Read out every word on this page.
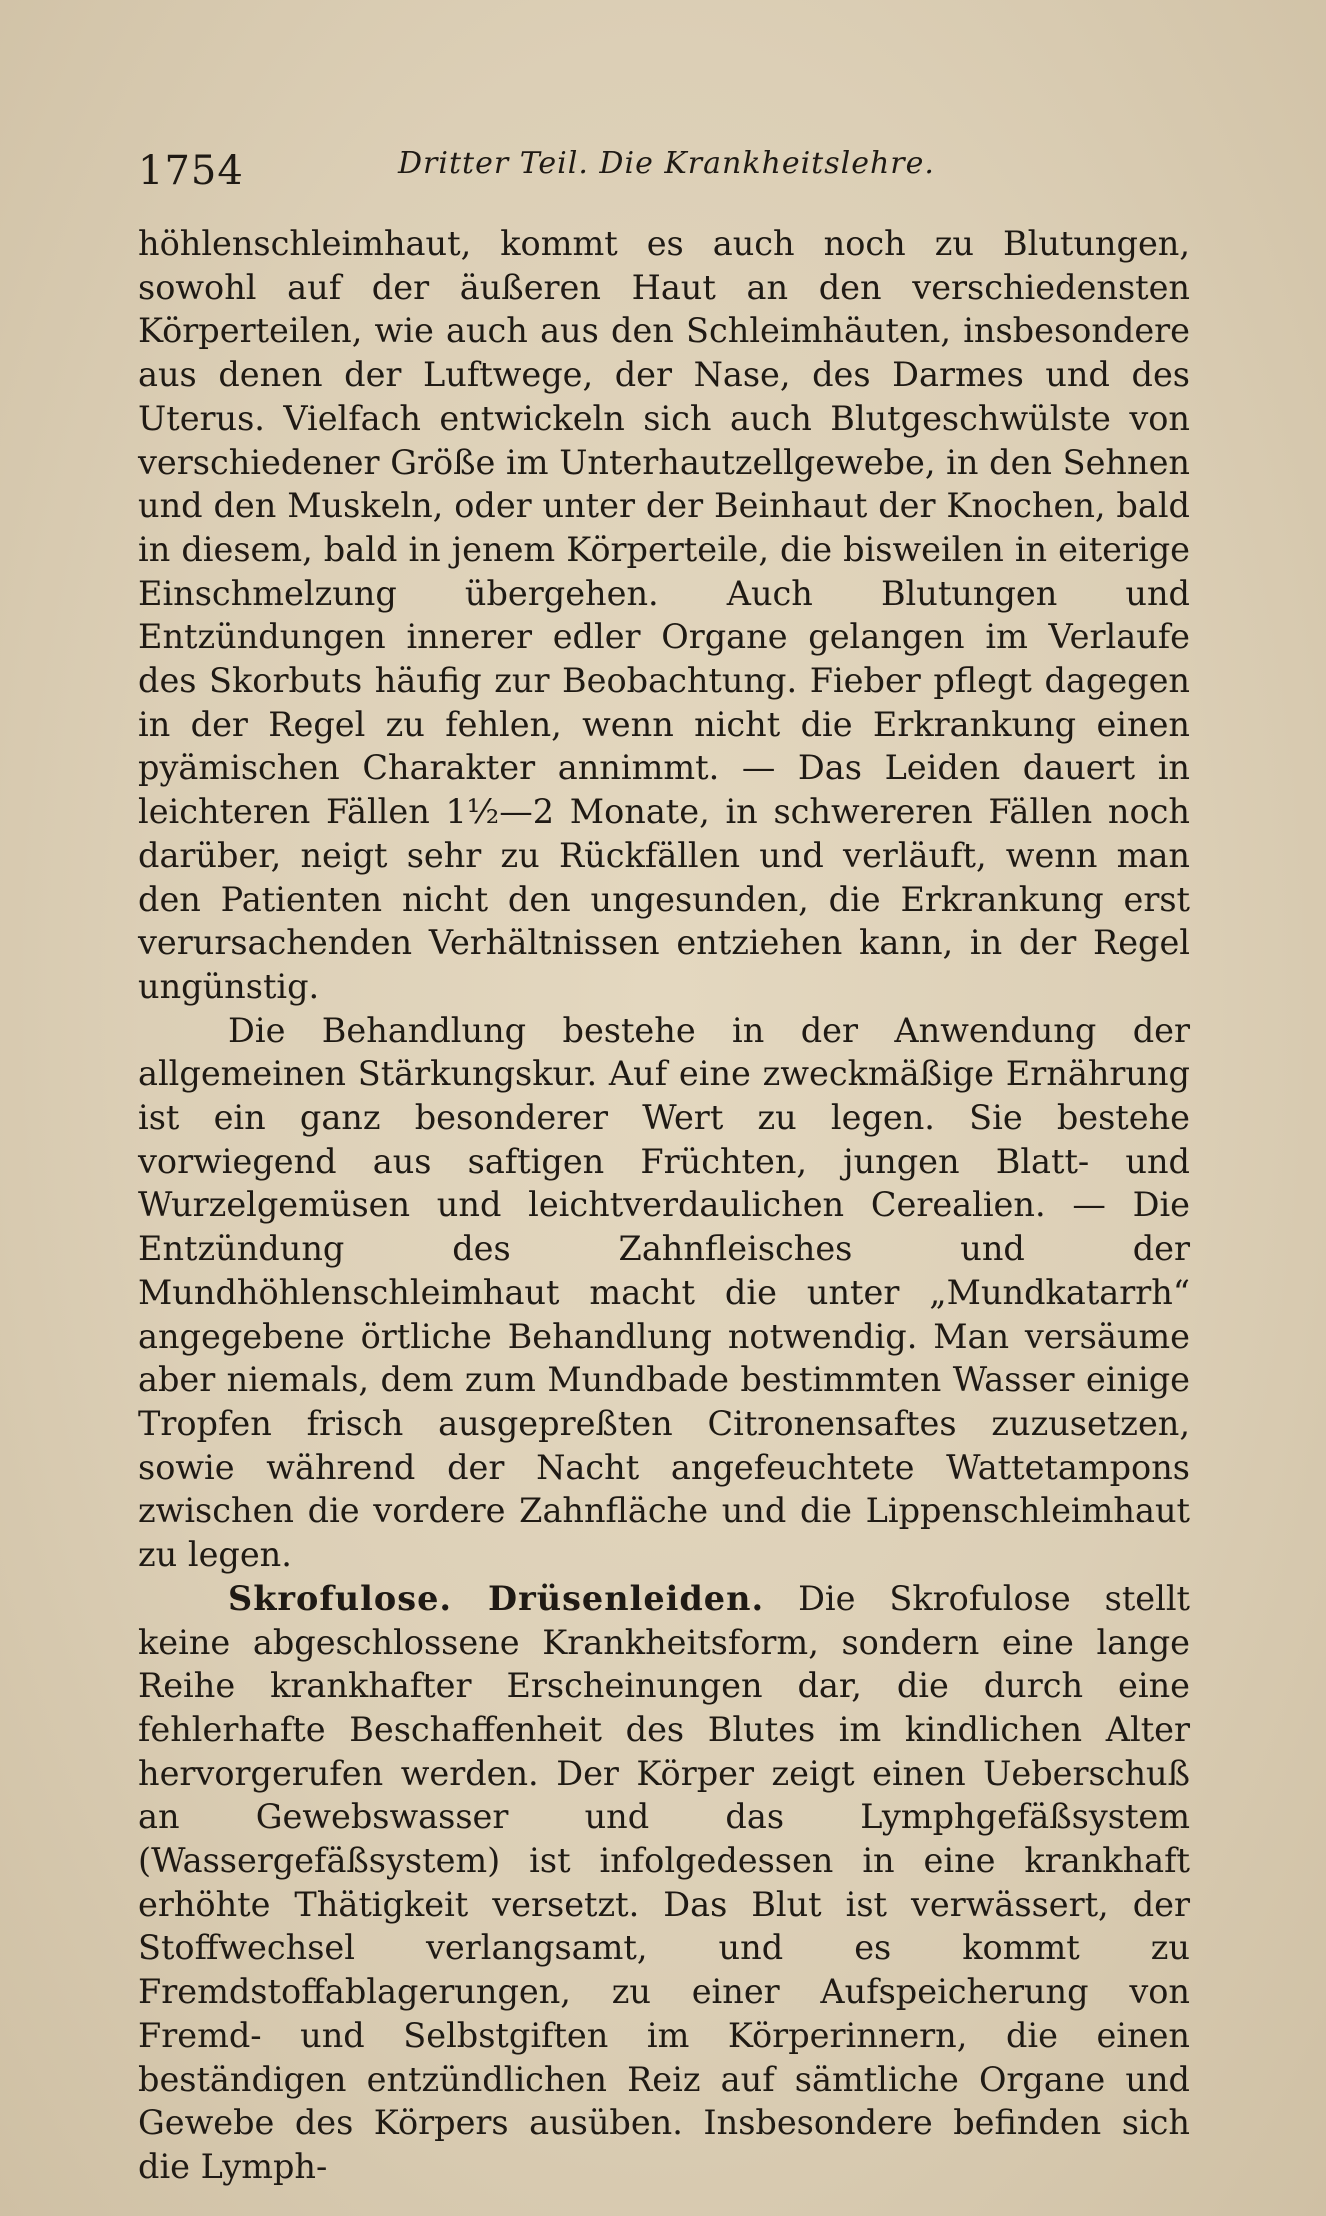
1754	Dritter Teil. Die Krankheitslehre.

höhlenschleimhaut, kommt es auch noch zu Blutungen, sowohl auf der äußeren Haut an den verschiedensten Körperteilen, wie auch aus den Schleimhäuten, insbesondere aus denen der Luftwege, der Nase, des Darmes und des Uterus. Vielfach entwickeln sich auch Blutgeschwülste von verschiedener Größe im Unterhautzellgewebe, in den Sehnen und den Muskeln, oder unter der Beinhaut der Knochen, bald in diesem, bald in jenem Körperteile, die bisweilen in eiterige Einschmelzung übergehen. Auch Blutungen und Entzündungen innerer edler Organe gelangen im Verlaufe des Skorbuts häufig zur Beobachtung. Fieber pflegt dagegen in der Regel zu fehlen, wenn nicht die Erkrankung einen pyämischen Charakter annimmt. — Das Leiden dauert in leichteren Fällen 1½—2 Monate, in schwereren Fällen noch darüber, neigt sehr zu Rückfällen und verläuft, wenn man den Patienten nicht den ungesunden, die Erkrankung erst verursachenden Verhältnissen entziehen kann, in der Regel ungünstig.

Die Behandlung bestehe in der Anwendung der allgemeinen Stärkungskur. Auf eine zweckmäßige Ernährung ist ein ganz besonderer Wert zu legen. Sie bestehe vorwiegend aus saftigen Früchten, jungen Blatt- und Wurzelgemüsen und leichtverdaulichen Cerealien. — Die Entzündung des Zahnfleisches und der Mundhöhlenschleimhaut macht die unter „Mundkatarrh“ angegebene örtliche Behandlung notwendig. Man versäume aber niemals, dem zum Mundbade bestimmten Wasser einige Tropfen frisch ausgepreßten Citronensaftes zuzusetzen, sowie während der Nacht angefeuchtete Wattetampons zwischen die vordere Zahnfläche und die Lippenschleimhaut zu legen.

Skrofulose. Drüsenleiden. Die Skrofulose stellt keine abgeschlossene Krankheitsform, sondern eine lange Reihe krankhafter Erscheinungen dar, die durch eine fehlerhafte Beschaffenheit des Blutes im kindlichen Alter hervorgerufen werden. Der Körper zeigt einen Ueberschuß an Gewebswasser und das Lymphgefäßsystem (Wassergefäßsystem) ist infolgedessen in eine krankhaft erhöhte Thätigkeit versetzt. Das Blut ist verwässert, der Stoffwechsel verlangsamt, und es kommt zu Fremdstoffablagerungen, zu einer Aufspeicherung von Fremd- und Selbstgiften im Körperinnern, die einen beständigen entzündlichen Reiz auf sämtliche Organe und Gewebe des Körpers ausüben. Insbesondere befinden sich die Lymph-
